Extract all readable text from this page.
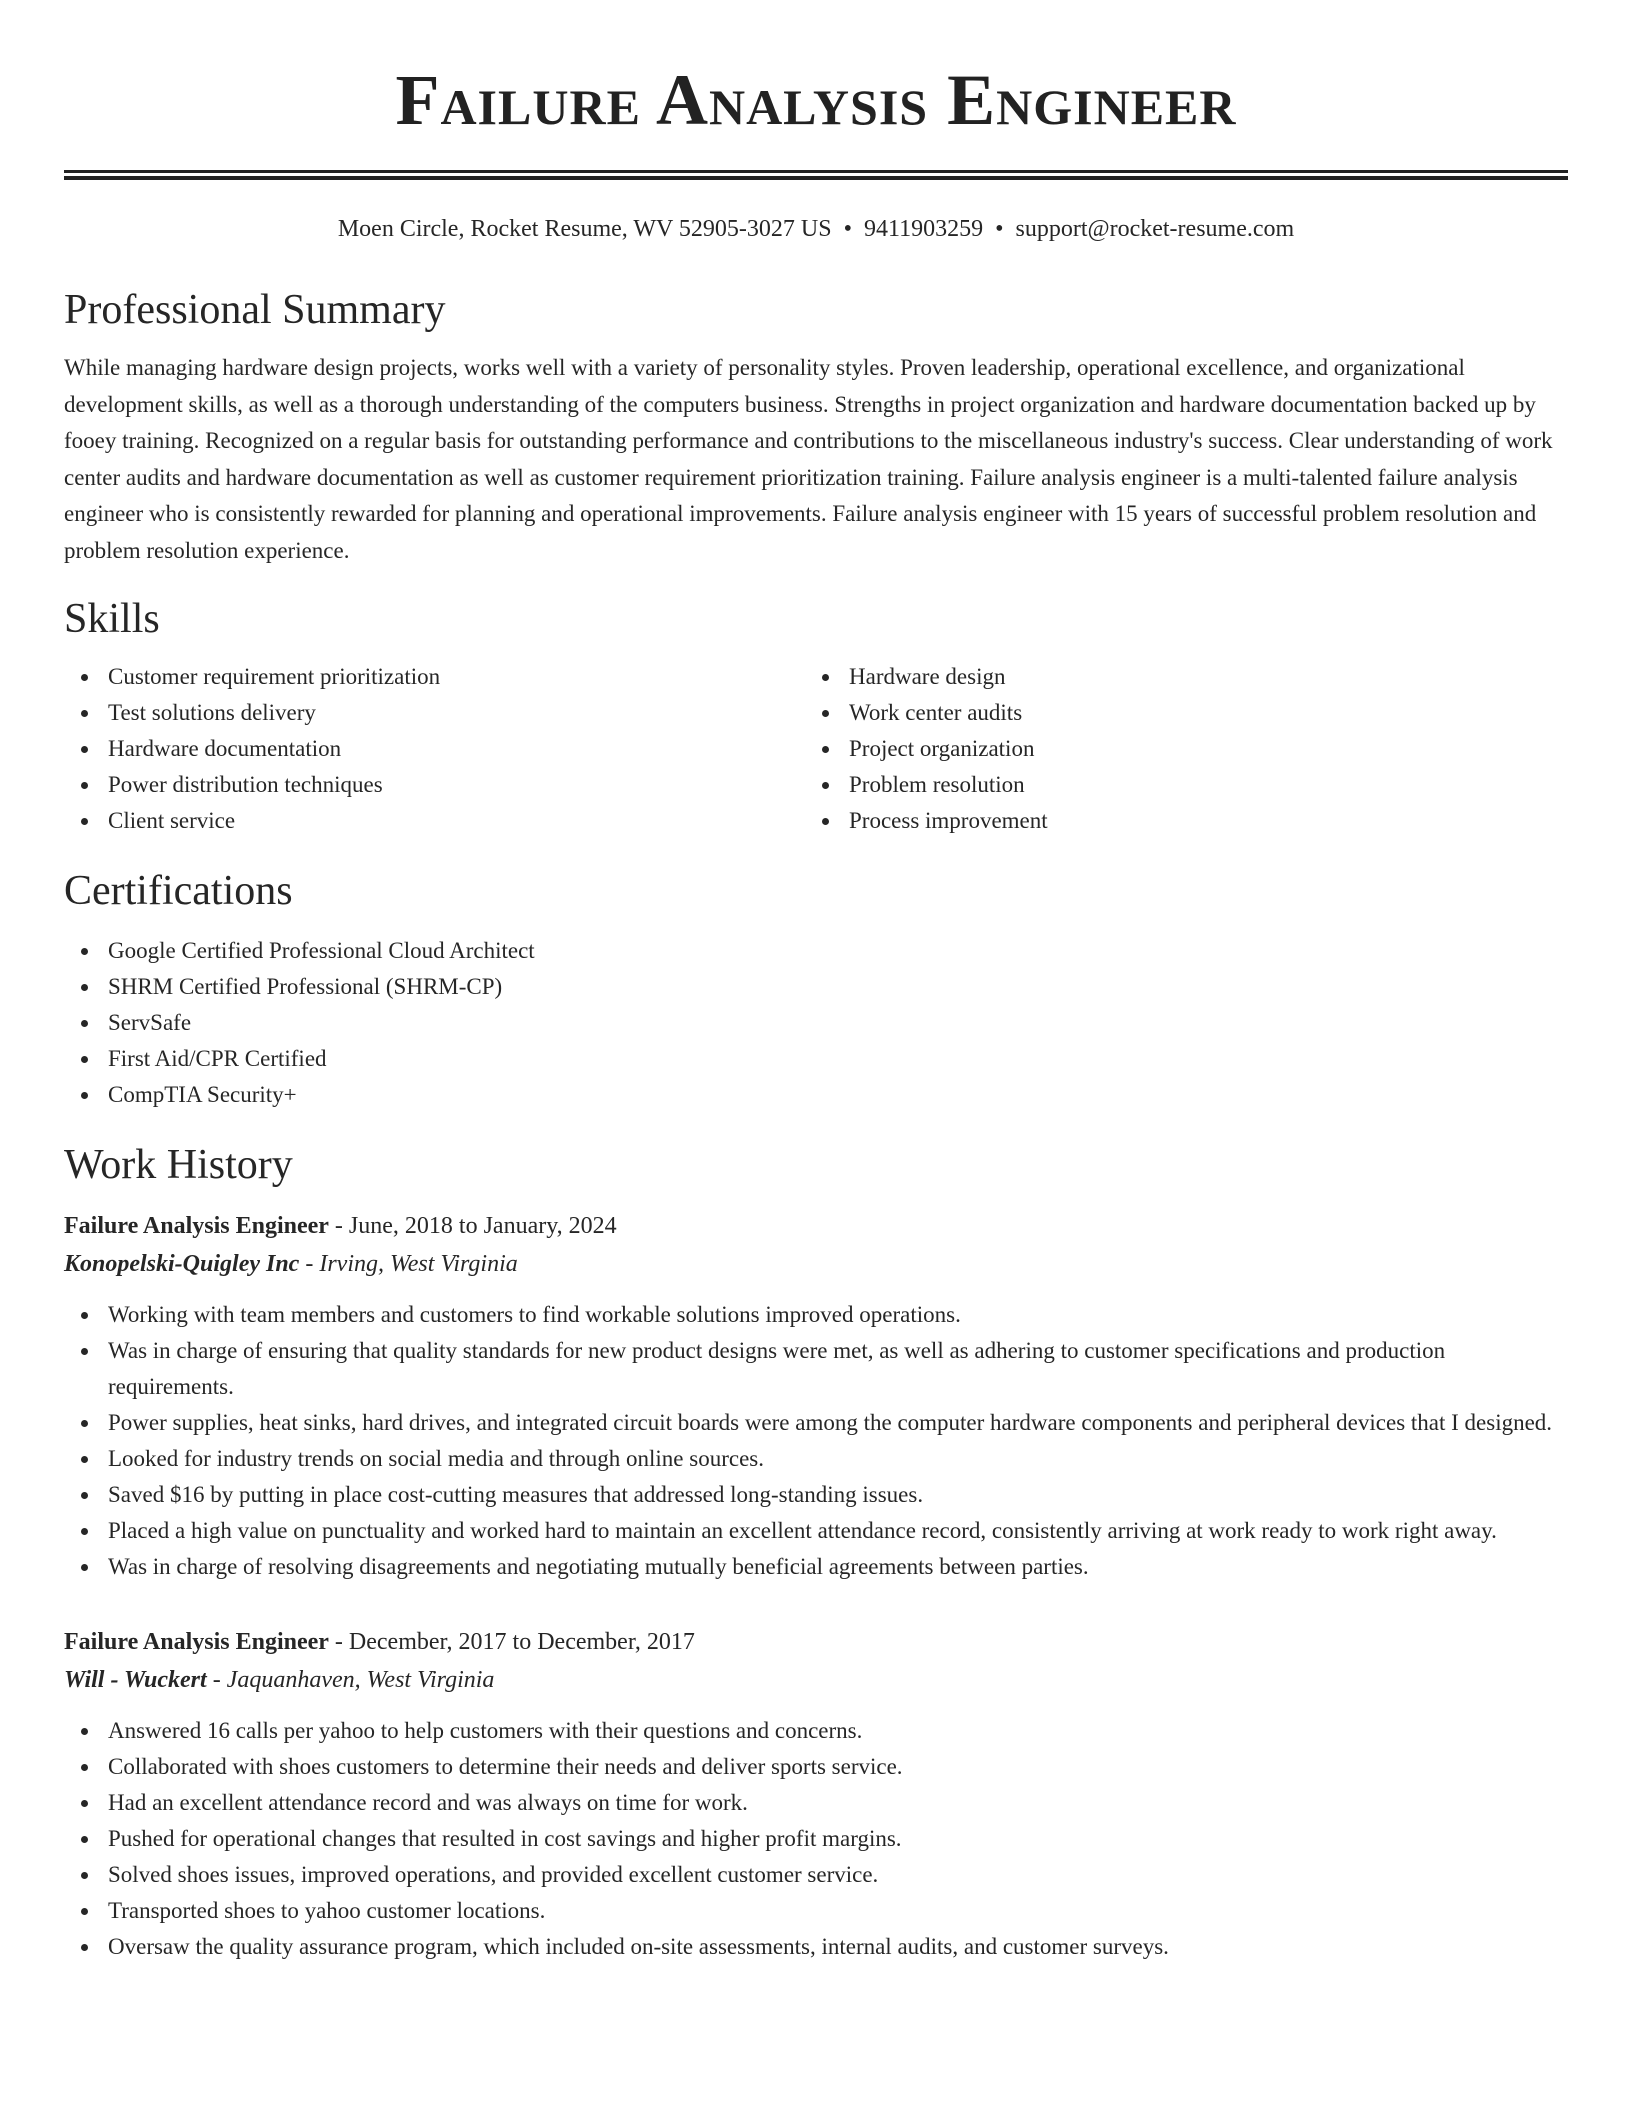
Failure Analysis Engineer
Moen Circle, Rocket Resume, WV 52905-3027 US • 9411903259 • support@rocket-resume.com
Professional Summary

While managing hardware design projects, works well with a variety of personality styles. Proven leadership, operational excellence, and organizational development skills, as well as a thorough understanding of the computers business. Strengths in project organization and hardware documentation backed up by fooey training. Recognized on a regular basis for outstanding performance and contributions to the miscellaneous industry's success. Clear understanding of work center audits and hardware documentation as well as customer requirement prioritization training. Failure analysis engineer is a multi-talented failure analysis engineer who is consistently rewarded for planning and operational improvements. Failure analysis engineer with 15 years of successful problem resolution and problem resolution experience.

Skills
Customer requirement prioritization
Test solutions delivery
Hardware documentation
Power distribution techniques
Client service
Hardware design
Work center audits
Project organization
Problem resolution
Process improvement
Certifications
Google Certified Professional Cloud Architect
SHRM Certified Professional (SHRM-CP)
ServSafe
First Aid/CPR Certified
CompTIA Security+
Work History
Failure Analysis Engineer - June, 2018 to January, 2024
Konopelski-Quigley Inc - Irving, West Virginia
Working with team members and customers to find workable solutions improved operations.
Was in charge of ensuring that quality standards for new product designs were met, as well as adhering to customer specifications and production requirements.
Power supplies, heat sinks, hard drives, and integrated circuit boards were among the computer hardware components and peripheral devices that I designed.
Looked for industry trends on social media and through online sources.
Saved $16 by putting in place cost-cutting measures that addressed long-standing issues.
Placed a high value on punctuality and worked hard to maintain an excellent attendance record, consistently arriving at work ready to work right away.
Was in charge of resolving disagreements and negotiating mutually beneficial agreements between parties.
Failure Analysis Engineer - December, 2017 to December, 2017
Will - Wuckert - Jaquanhaven, West Virginia
Answered 16 calls per yahoo to help customers with their questions and concerns.
Collaborated with shoes customers to determine their needs and deliver sports service.
Had an excellent attendance record and was always on time for work.
Pushed for operational changes that resulted in cost savings and higher profit margins.
Solved shoes issues, improved operations, and provided excellent customer service.
Transported shoes to yahoo customer locations.
Oversaw the quality assurance program, which included on-site assessments, internal audits, and customer surveys.
